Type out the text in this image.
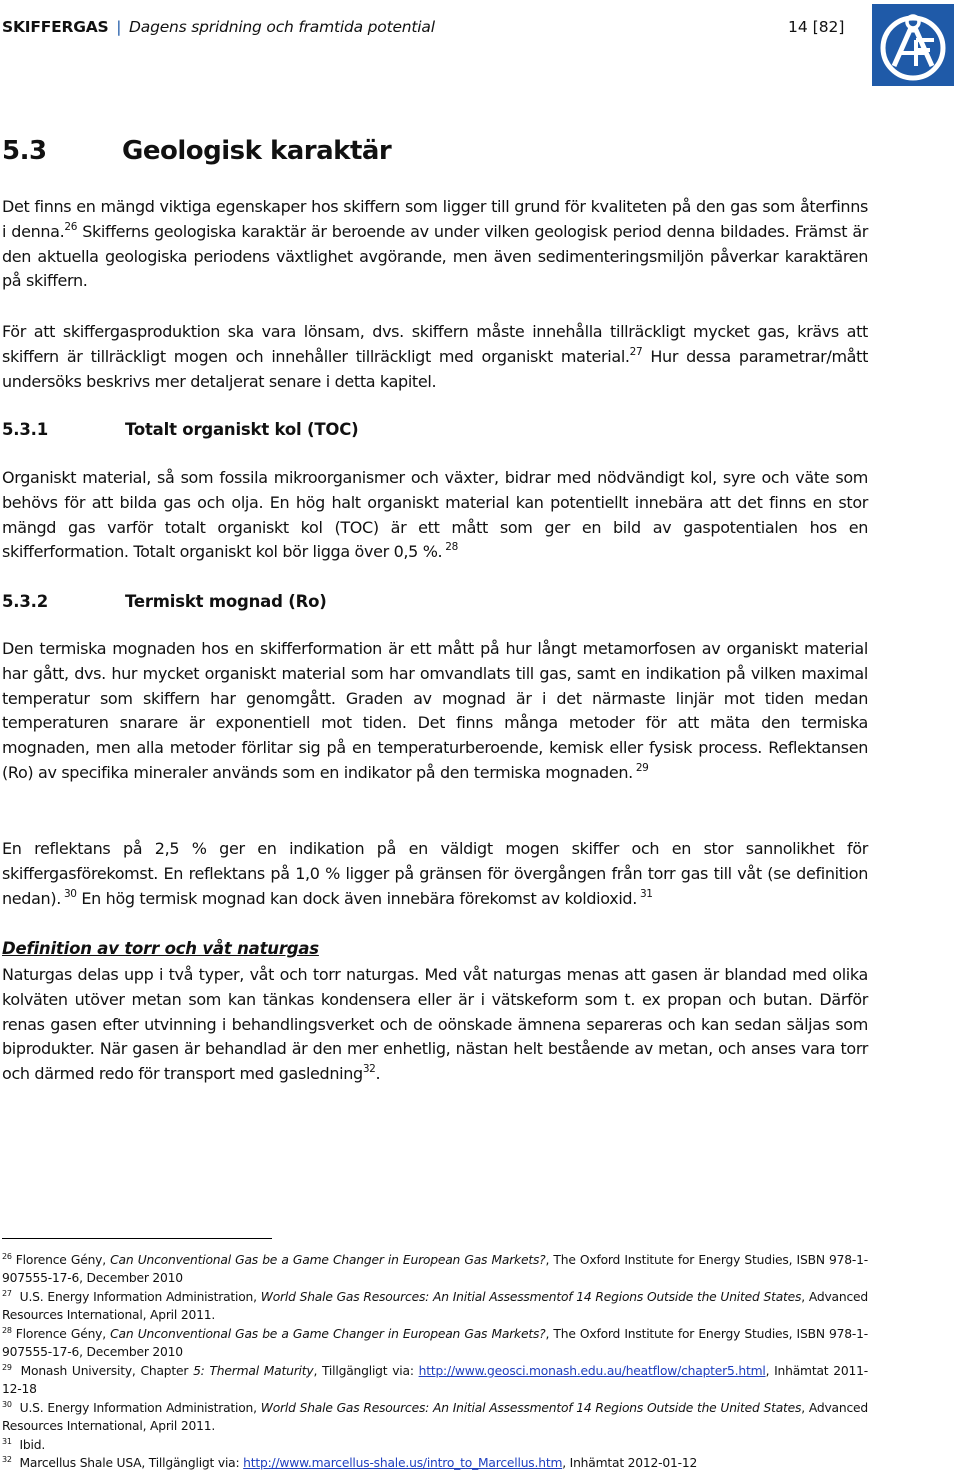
SKIFFERGAS | Dagens spridning och framtida potential	14 [82]
5.3	Geologisk karaktär

Det finns en mängd viktiga egenskaper hos skiffern som ligger till grund för kvaliteten på den gas som återfinns i denna.$^{26}$ Skifferns geologiska karaktär är beroende av under vilken geologisk period denna bildades. Främst är den aktuella geologiska periodens växtlighet avgörande, men även sedimenteringsmiljön påverkar karaktären på skiffern.

För att skiffergasproduktion ska vara lönsam, dvs. skiffern måste innehålla tillräckligt mycket gas, krävs att skiffern är tillräckligt mogen och innehåller tillräckligt med organiskt material.$^{27}$ Hur dessa parametrar/mått undersöks beskrivs mer detaljerat senare i detta kapitel.

5.3.1	Totalt organiskt kol (TOC)

Organiskt material, så som fossila mikroorganismer och växter, bidrar med nödvändigt kol, syre och väte som behövs för att bilda gas och olja. En hög halt organiskt material kan potentiellt innebära att det finns en stor mängd gas varför totalt organiskt kol (TOC) är ett mått som ger en bild av gaspotentialen hos en skifferformation. Totalt organiskt kol bör ligga över 0,5 %. $^{28}$

5.3.2	Termiskt mognad (Ro)

Den termiska mognaden hos en skifferformation är ett mått på hur långt metamorfosen av organiskt material har gått, dvs. hur mycket organiskt material som har omvandlats till gas, samt en indikation på vilken maximal temperatur som skiffern har genomgått. Graden av mognad är i det närmaste linjär mot tiden medan temperaturen snarare är exponentiell mot tiden. Det finns många metoder för att mäta den termiska mognaden, men alla metoder förlitar sig på en temperaturberoende, kemisk eller fysisk process. Reflektansen (Ro) av specifika mineraler används som en indikator på den termiska mognaden. $^{29}$

En reflektans på 2,5 % ger en indikation på en väldigt mogen skiffer och en stor sannolikhet för skiffergasförekomst. En reflektans på 1,0 % ligger på gränsen för övergången från torr gas till våt (se definition nedan). $^{30}$ En hög termisk mognad kan dock även innebära förekomst av koldioxid. $^{31}$

Definition av torr och våt naturgas

Naturgas delas upp i två typer, våt och torr naturgas. Med våt naturgas menas att gasen är blandad med olika kolväten utöver metan som kan tänkas kondensera eller är i vätskeform som t. ex propan och butan. Därför renas gasen efter utvinning i behandlingsverket och de oönskade ämnena separeras och kan sedan säljas som biprodukter. När gasen är behandlad är den mer enhetlig, nästan helt bestående av metan, och anses vara torr och därmed redo för transport med gasledning$^{32}$.

$^{26}$ Florence Gény, Can Unconventional Gas be a Game Changer in European Gas Markets?, The Oxford Institute for Energy Studies, ISBN 978-1-907555-17-6, December 2010

$^{27}$ U.S. Energy Information Administration, World Shale Gas Resources: An Initial Assessmentof 14 Regions Outside the United States, Advanced Resources International, April 2011.

$^{28}$ Florence Gény, Can Unconventional Gas be a Game Changer in European Gas Markets?, The Oxford Institute for Energy Studies, ISBN 978-1-907555-17-6, December 2010

$^{29}$ Monash University, Chapter 5: Thermal Maturity, Tillgängligt via: http://www.geosci.monash.edu.au/heatflow/chapter5.html, Inhämtat 2011-12-18

$^{30}$ U.S. Energy Information Administration, World Shale Gas Resources: An Initial Assessmentof 14 Regions Outside the United States, Advanced Resources International, April 2011.

$^{31}$ Ibid.

$^{32}$ Marcellus Shale USA, Tillgängligt via: http://www.marcellus-shale.us/intro_to_Marcellus.htm, Inhämtat 2012-01-12
